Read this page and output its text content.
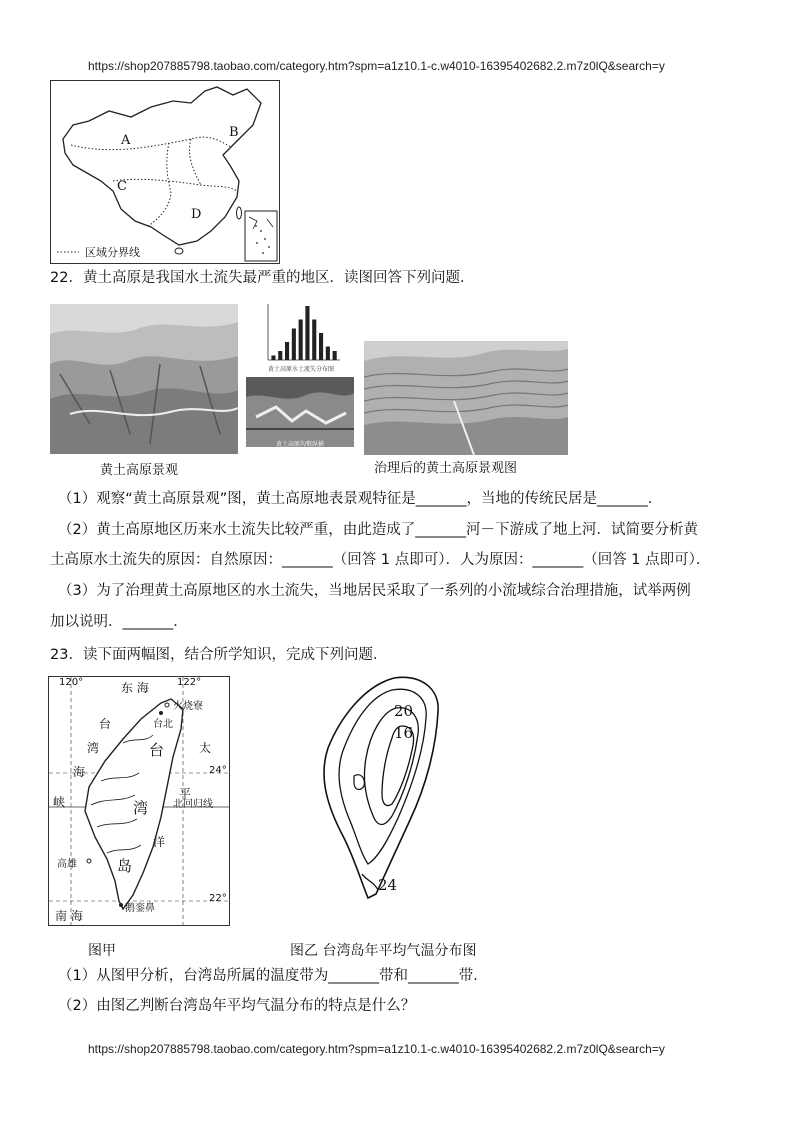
https://shop207885798.taobao.com/category.htm?spm=a1z10.1-c.w4010-16395402682.2.m7z0lQ&search=y
A
B
C
D
区域分界线
22．黄土高原是我国水土流失最严重的地区．读图回答下列问题．
黄土高原景观
黄土高原水土流失分布图
黄土高原沟壑纵横
治理后的黄土高原景观图
（1）观察“黄土高原景观”图，黄土高原地表景观特征是_______，当地的传统民居是_______．
（2）黄土高原地区历来水土流失比较严重，由此造成了_______河－下游成了地上河．试简要分析黄
土高原水土流失的原因：自然原因：_______（回答 1 点即可）．人为原因：_______（回答 1 点即可）．
（3）为了治理黄土高原地区的水土流失，当地居民采取了一系列的小流域综合治理措施，试举两例
加以说明．_______．
23．读下面两幅图，结合所学知识，完成下列问题．
120°	122°
24°
22°
东 海
台
湾
海
峡
台
湾
岛
太
平
洋
北回归线
南 海
台北
高雄
鹅銮鼻
火烧寮	20
16
24
图甲	图乙 台湾岛年平均气温分布图
（1）从图甲分析，台湾岛所属的温度带为_______带和_______带．
（2）由图乙判断台湾岛年平均气温分布的特点是什么？
https://shop207885798.taobao.com/category.htm?spm=a1z10.1-c.w4010-16395402682.2.m7z0lQ&search=y
